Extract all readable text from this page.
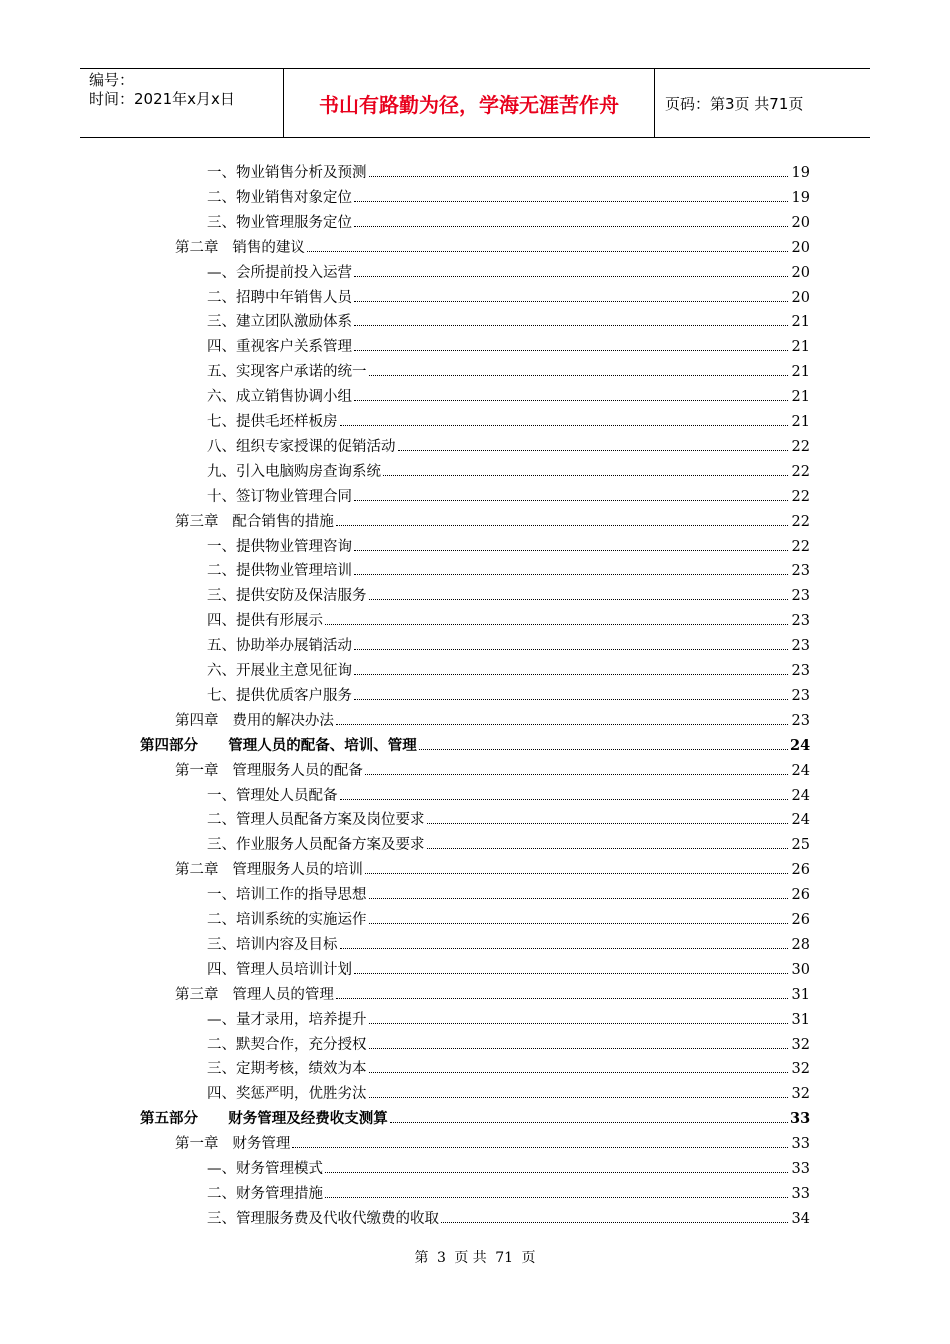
编号：
时间：2021年x月x日	书山有路勤为径，学海无涯苦作舟	页码：第3页 共71页
一、物业销售分析及预测	19
二、物业销售对象定位	19
三、物业管理服务定位	20
第二章   销售的建议	20
—、会所提前投入运营	20
二、招聘中年销售人员	20
三、建立团队激励体系	21
四、重视客户关系管理	21
五、实现客户承诺的统一	21
六、成立销售协调小组	21
七、提供毛坯样板房	21
八、组织专家授课的促销活动	22
九、引入电脑购房查询系统	22
十、签订物业管理合同	22
第三章   配合销售的措施	22
一、提供物业管理咨询	22
二、提供物业管理培训	23
三、提供安防及保洁服务	23
四、提供有形展示	23
五、协助举办展销活动	23
六、开展业主意见征询	23
七、提供优质客户服务	23
第四章   费用的解决办法	23
第四部分      管理人员的配备、培训、管理	24
第一章   管理服务人员的配备	24
一、管理处人员配备	24
二、管理人员配备方案及岗位要求	24
三、作业服务人员配备方案及要求	25
第二章   管理服务人员的培训	26
一、培训工作的指导思想	26
二、培训系统的实施运作	26
三、培训内容及目标	28
四、管理人员培训计划	30
第三章   管理人员的管理	31
—、量才录用，培养提升	31
二、默契合作，充分授权	32
三、定期考核，绩效为本	32
四、奖惩严明，优胜劣汰	32
第五部分      财务管理及经费收支测算	33
第一章   财务管理	33
—、财务管理模式	33
二、财务管理措施	33
三、管理服务费及代收代缴费的收取	34
第 3 页 共 71 页
